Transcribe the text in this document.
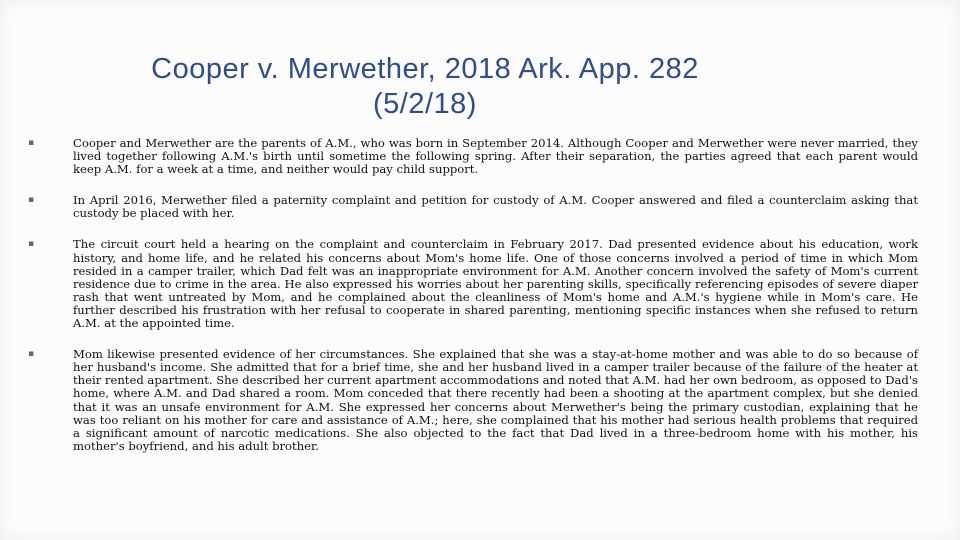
Cooper v. Merwether, 2018 Ark. App. 282
(5/2/18)
▪	Cooper and Merwether are the parents of A.M., who was born in September 2014. Although Cooper and Merwether were never married, they lived together following A.M.'s birth until sometime the following spring. After their separation, the parties agreed that each parent would keep A.M. for a week at a time, and neither would pay child support.
▪	In April 2016, Merwether filed a paternity complaint and petition for custody of A.M. Cooper answered and filed a counterclaim asking that custody be placed with her.
▪	The circuit court held a hearing on the complaint and counterclaim in February 2017. Dad presented evidence about his education, work history, and home life, and he related his concerns about Mom's home life. One of those concerns involved a period of time in which Mom resided in a camper trailer, which Dad felt was an inappropriate environment for A.M. Another concern involved the safety of Mom's current residence due to crime in the area. He also expressed his worries about her parenting skills, specifically referencing episodes of severe diaper rash that went untreated by Mom, and he complained about the cleanliness of Mom's home and A.M.'s hygiene while in Mom's care. He further described his frustration with her refusal to cooperate in shared parenting, mentioning specific instances when she refused to return A.M. at the appointed time.
▪	Mom likewise presented evidence of her circumstances. She explained that she was a stay-at-home mother and was able to do so because of her husband's income. She admitted that for a brief time, she and her husband lived in a camper trailer because of the failure of the heater at their rented apartment. She described her current apartment accommodations and noted that A.M. had her own bedroom, as opposed to Dad's home, where A.M. and Dad shared a room. Mom conceded that there recently had been a shooting at the apartment complex, but she denied that it was an unsafe environment for A.M. She expressed her concerns about Merwether's being the primary custodian, explaining that he was too reliant on his mother for care and assistance of A.M.; here, she complained that his mother had serious health problems that required a significant amount of narcotic medications. She also objected to the fact that Dad lived in a three-bedroom home with his mother, his mother's boyfriend, and his adult brother.
